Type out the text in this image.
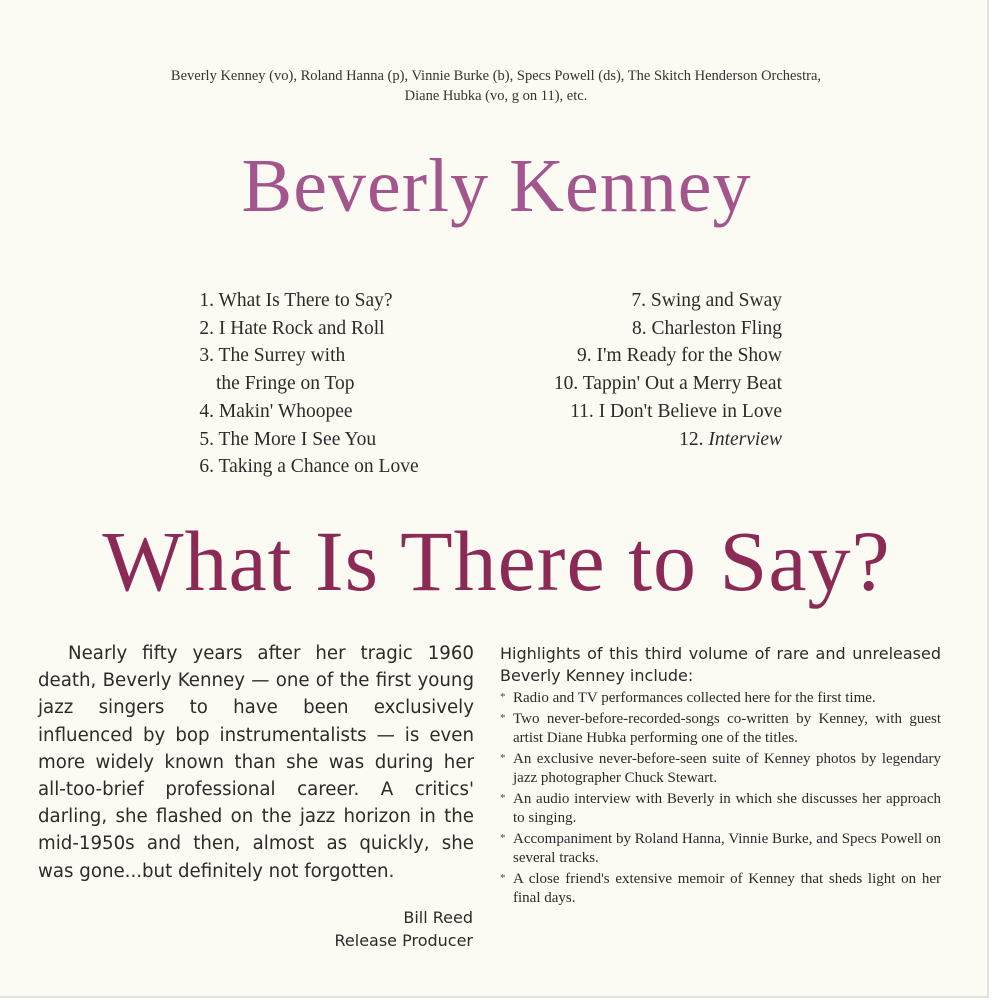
Beverly Kenney (vo), Roland Hanna (p), Vinnie Burke (b), Specs Powell (ds), The Skitch Henderson Orchestra,
Diane Hubka (vo, g on 11), etc.
Beverly Kenney
1. What Is There to Say?
2. I Hate Rock and Roll
3. The Surrey with
the Fringe on Top
4. Makin' Whoopee
5. The More I See You
6. Taking a Chance on Love
7. Swing and Sway
8. Charleston Fling
9. I'm Ready for the Show
10. Tappin' Out a Merry Beat
11. I Don't Believe in Love
12. Interview
What Is There to Say?

Nearly fifty years after her tragic 1960 death, Beverly Kenney — one of the first young jazz singers to have been exclusively influenced by bop instrumentalists — is even more widely known than she was during her all-too-brief professional career. A critics' darling, she flashed on the jazz horizon in the mid-1950s and then, almost as quickly, she was gone...but definitely not forgotten.

Bill Reed
Release Producer
Highlights of this third volume of rare and unreleased Beverly Kenney include:
* Radio and TV performances collected here for the first time.
* Two never-before-recorded-songs co-written by Kenney, with guest artist Diane Hubka performing one of the titles.
* An exclusive never-before-seen suite of Kenney photos by legendary jazz photographer Chuck Stewart.
* An audio interview with Beverly in which she discusses her approach to singing.
* Accompaniment by Roland Hanna, Vinnie Burke, and Specs Powell on several tracks.
* A close friend's extensive memoir of Kenney that sheds light on her final days.
